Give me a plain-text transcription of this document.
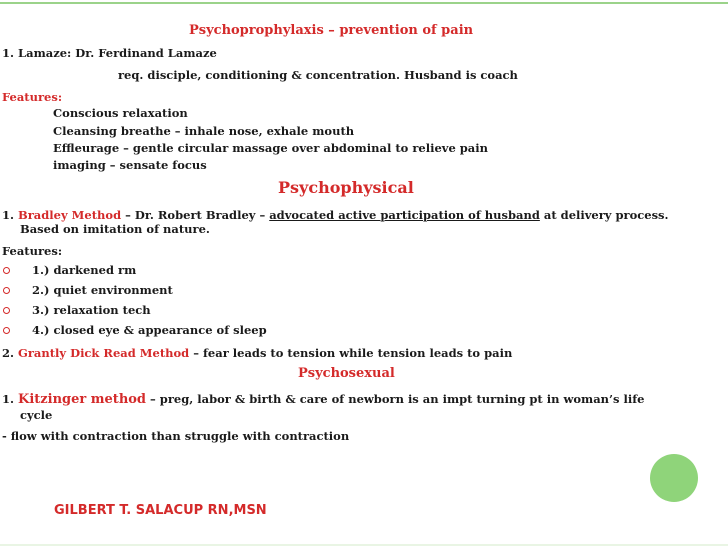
Psychoprophylaxis – prevention of pain
1. Lamaze: Dr. Ferdinand Lamaze
req. disciple, conditioning & concentration. Husband is coach
Features:
Conscious relaxation
Cleansing breathe – inhale nose, exhale mouth
Effleurage – gentle circular massage over abdominal to relieve pain
imaging – sensate focus
Psychophysical
1. Bradley Method – Dr. Robert Bradley – advocated active participation of husband at delivery process.
Based on imitation of nature.
Features:
1.) darkened rm
2.) quiet environment
3.) relaxation tech
4.) closed eye & appearance of sleep
2. Grantly Dick Read Method – fear leads to tension while tension leads to pain
Psychosexual
1. Kitzinger method – preg, labor & birth & care of newborn is an impt turning pt in woman’s life
cycle
- flow with contraction than struggle with contraction
GILBERT T. SALACUP RN,MSN
